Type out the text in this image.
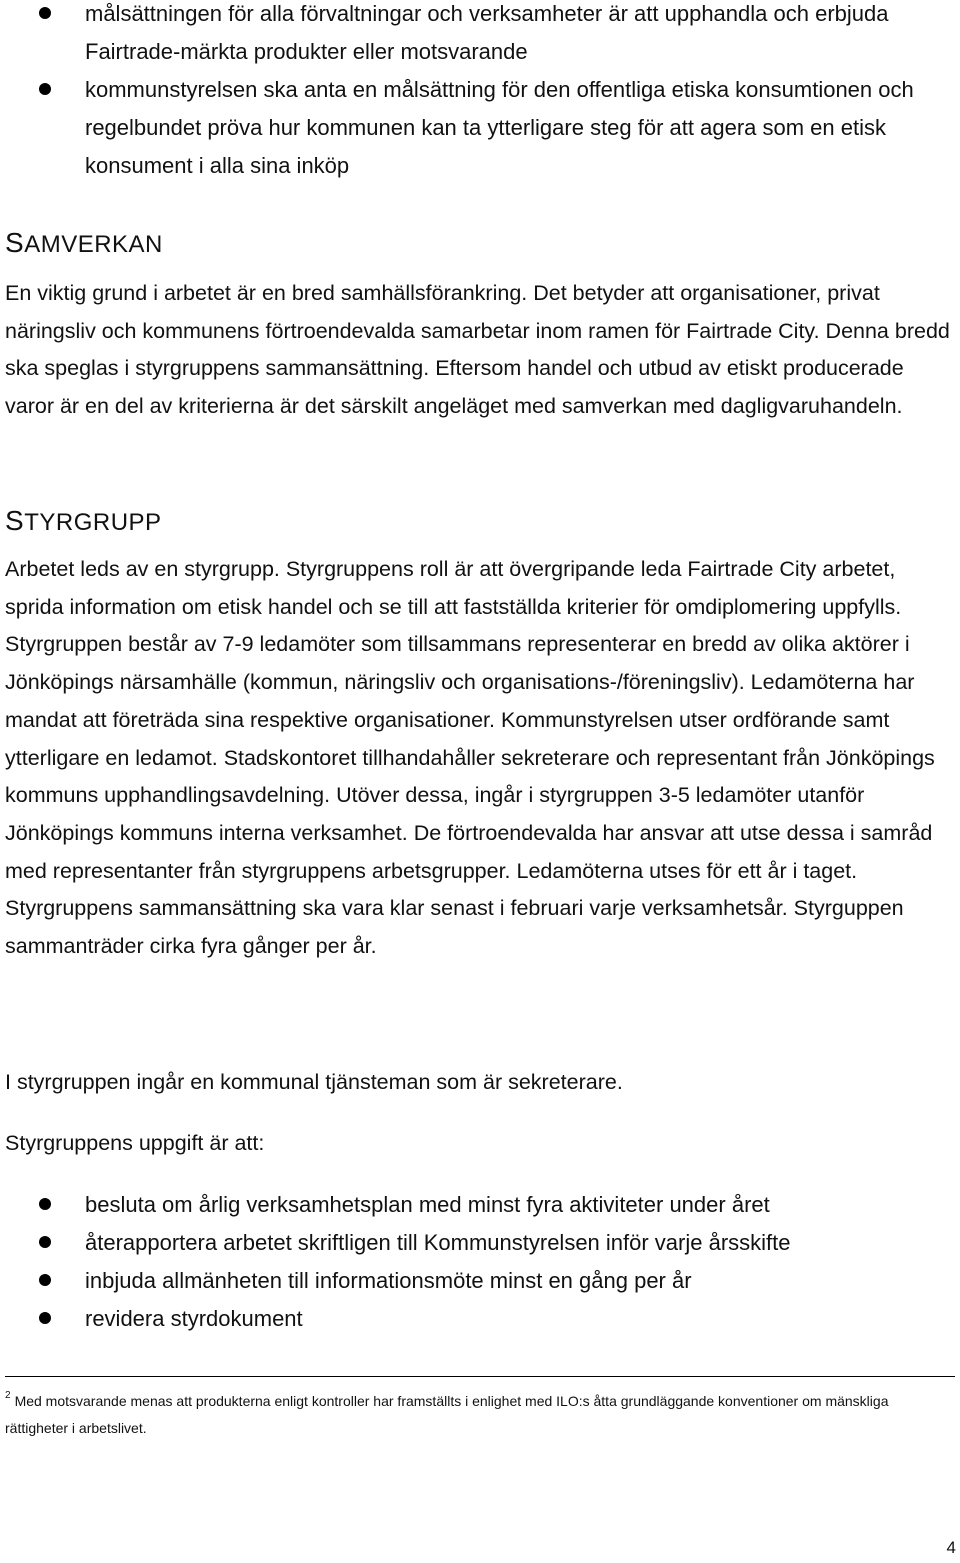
målsättningen för alla förvaltningar och verksamheter är att upphandla och erbjuda Fairtrade-märkta produkter eller motsvarande
kommunstyrelsen ska anta en målsättning för den offentliga etiska konsumtionen och regelbundet pröva hur kommunen kan ta ytterligare steg för att agera som en etisk konsument i alla sina inköp
SAMVERKAN

En viktig grund i arbetet är en bred samhällsförankring. Det betyder att organisationer, privat näringsliv och kommunens förtroendevalda samarbetar inom ramen för Fairtrade City. Denna bredd ska speglas i styrgruppens sammansättning. Eftersom handel och utbud av etiskt producerade varor är en del av kriterierna är det särskilt angeläget med samverkan med dagligvaruhandeln.

STYRGRUPP

Arbetet leds av en styrgrupp. Styrgruppens roll är att övergripande leda Fairtrade City arbetet, sprida information om etisk handel och se till att fastställda kriterier för omdiplomering uppfylls. Styrgruppen består av 7-9 ledamöter som tillsammans representerar en bredd av olika aktörer i Jönköpings närsamhälle (kommun, näringsliv och organisations-/föreningsliv). Ledamöterna har mandat att företräda sina respektive organisationer. Kommunstyrelsen utser ordförande samt ytterligare en ledamot. Stadskontoret tillhandahåller sekreterare och representant från Jönköpings kommuns upphandlingsavdelning. Utöver dessa, ingår i styrgruppen 3-5 ledamöter utanför Jönköpings kommuns interna verksamhet. De förtroendevalda har ansvar att utse dessa i samråd med representanter från styrgruppens arbetsgrupper. Ledamöterna utses för ett år i taget. Styrgruppens sammansättning ska vara klar senast i februari varje verksamhetsår. Styrguppen sammanträder cirka fyra gånger per år.

I styrgruppen ingår en kommunal tjänsteman som är sekreterare.

Styrgruppens uppgift är att:

besluta om årlig verksamhetsplan med minst fyra aktiviteter under året
återapportera arbetet skriftligen till Kommunstyrelsen inför varje årsskifte
inbjuda allmänheten till informationsmöte minst en gång per år
revidera styrdokument

$^2$ Med motsvarande menas att produkterna enligt kontroller har framställts i enlighet med ILO:s åtta grundläggande konventioner om mänskliga rättigheter i arbetslivet.

4
